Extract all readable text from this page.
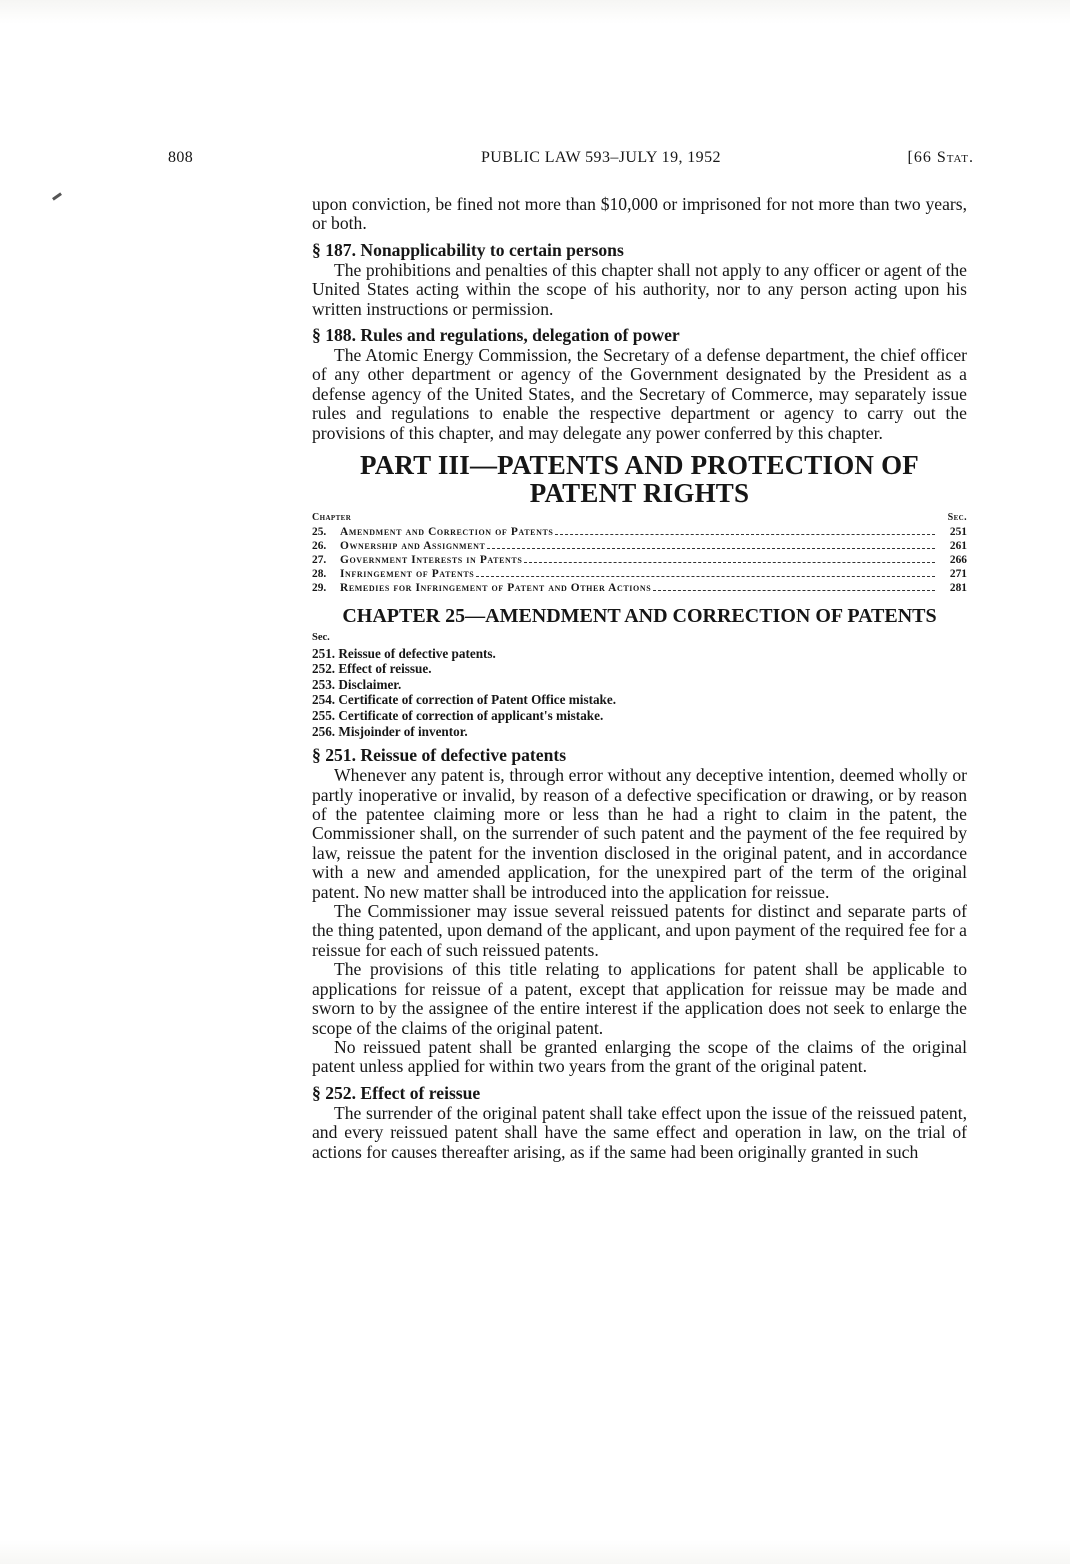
808	PUBLIC LAW 593–JULY 19, 1952	[66 Stat.

upon conviction, be fined not more than $10,000 or imprisoned for not more than two years, or both.

§ 187. Nonapplicability to certain persons

The prohibitions and penalties of this chapter shall not apply to any officer or agent of the United States acting within the scope of his authority, nor to any person acting upon his written instructions or permission.

§ 188. Rules and regulations, delegation of power

The Atomic Energy Commission, the Secretary of a defense department, the chief officer of any other department or agency of the Government designated by the President as a defense agency of the United States, and the Secretary of Commerce, may separately issue rules and regulations to enable the respective department or agency to carry out the provisions of this chapter, and may delegate any power conferred by this chapter.

PART III—PATENTS AND PROTECTION OF PATENT RIGHTS
Chapter	Sec.
25.	Amendment and Correction of Patents	251
26.	Ownership and Assignment	261
27.	Government Interests in Patents	266
28.	Infringement of Patents	271
29.	Remedies for Infringement of Patent and Other Actions	281
CHAPTER 25—AMENDMENT AND CORRECTION OF PATENTS
Sec.
251. Reissue of defective patents.
252. Effect of reissue.
253. Disclaimer.
254. Certificate of correction of Patent Office mistake.
255. Certificate of correction of applicant's mistake.
256. Misjoinder of inventor.
§ 251. Reissue of defective patents

Whenever any patent is, through error without any deceptive intention, deemed wholly or partly inoperative or invalid, by reason of a defective specification or drawing, or by reason of the patentee claiming more or less than he had a right to claim in the patent, the Commissioner shall, on the surrender of such patent and the payment of the fee required by law, reissue the patent for the invention disclosed in the original patent, and in accordance with a new and amended application, for the unexpired part of the term of the original patent. No new matter shall be introduced into the application for reissue.

The Commissioner may issue several reissued patents for distinct and separate parts of the thing patented, upon demand of the applicant, and upon payment of the required fee for a reissue for each of such reissued patents.

The provisions of this title relating to applications for patent shall be applicable to applications for reissue of a patent, except that application for reissue may be made and sworn to by the assignee of the entire interest if the application does not seek to enlarge the scope of the claims of the original patent.

No reissued patent shall be granted enlarging the scope of the claims of the original patent unless applied for within two years from the grant of the original patent.

§ 252. Effect of reissue

The surrender of the original patent shall take effect upon the issue of the reissued patent, and every reissued patent shall have the same effect and operation in law, on the trial of actions for causes thereafter arising, as if the same had been originally granted in such
